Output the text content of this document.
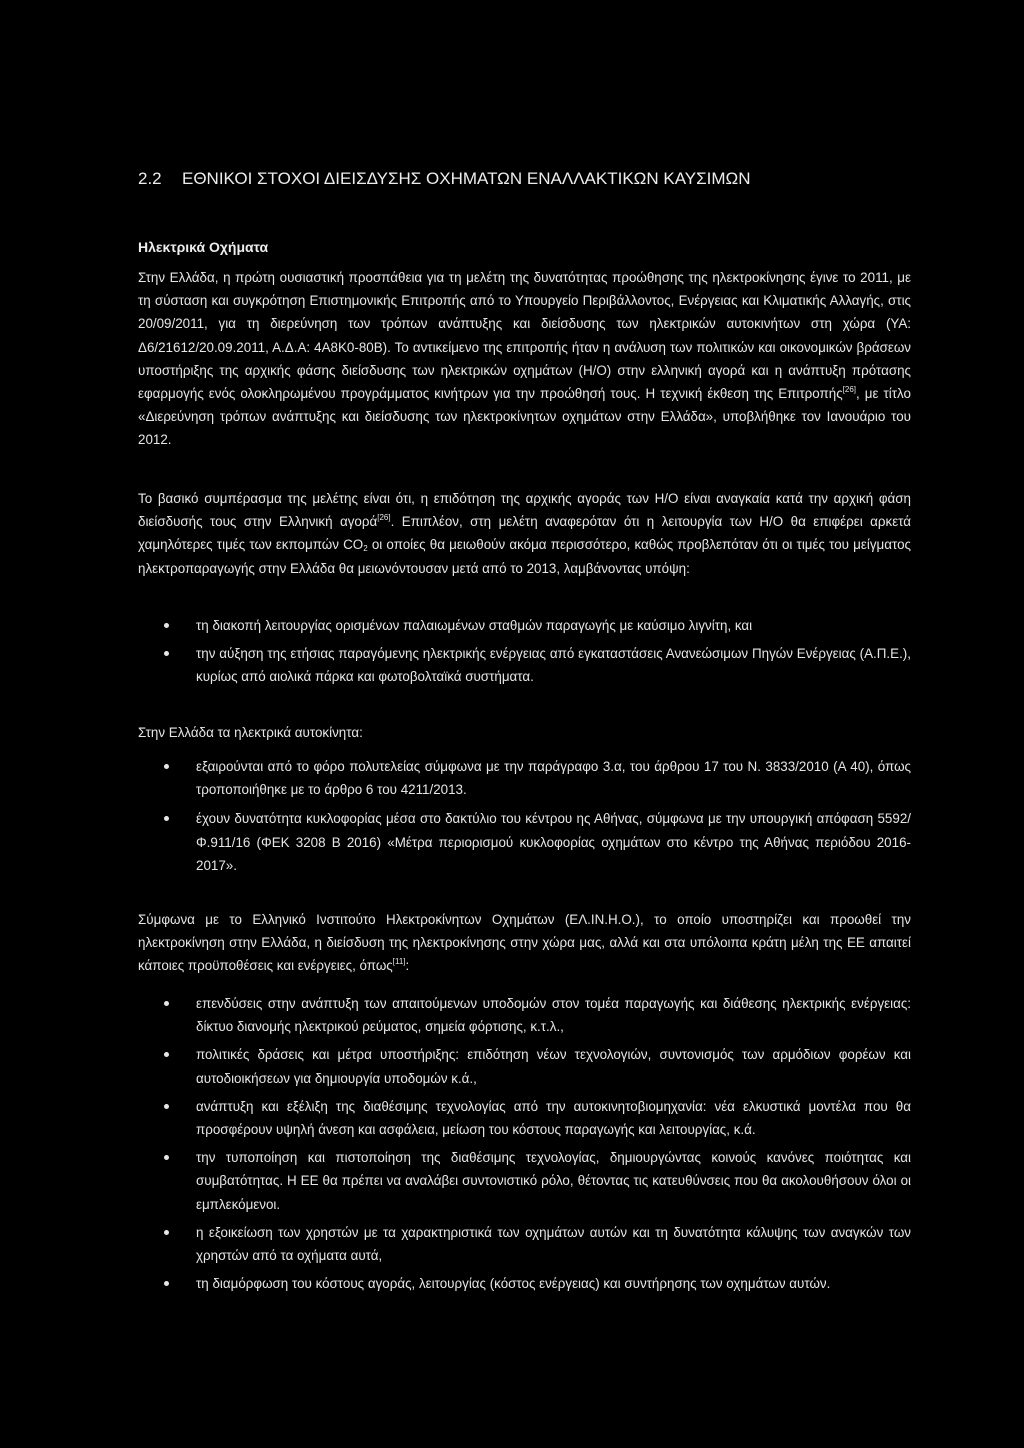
2.2	ΕΘΝΙΚΟΙ ΣΤΟΧΟΙ ΔΙΕΙΣΔΥΣΗΣ ΟΧΗΜΑΤΩΝ ΕΝΑΛΛΑΚΤΙΚΩΝ ΚΑΥΣΙΜΩΝ
Ηλεκτρικά Οχήματα
Στην Ελλάδα, η πρώτη ουσιαστική προσπάθεια για τη μελέτη της δυνατότητας προώθησης της ηλεκτροκίνησης έγινε το 2011, με τη σύσταση και συγκρότηση Επιστημονικής Επιτροπής από το Υπουργείο Περιβάλλοντος, Ενέργειας και Κλιματικής Αλλαγής, στις 20/09/2011, για τη διερεύνηση των τρόπων ανάπτυξης και διείσδυσης των ηλεκτρικών αυτοκινήτων στη χώρα (ΥΑ: Δ6/21612/20.09.2011, Α.Δ.Α: 4Α8Κ0-80Β). Το αντικείμενο της επιτροπής ήταν η ανάλυση των πολιτικών και οικονομικών βράσεων υποστήριξης της αρχικής φάσης διείσδυσης των ηλεκτρικών οχημάτων (Η/Ο) στην ελληνική αγορά και η ανάπτυξη πρότασης εφαρμογής ενός ολοκληρωμένου προγράμματος κινήτρων για την προώθησή τους. Η τεχνική έκθεση της Επιτροπής[26], με τίτλο «Διερεύνηση τρόπων ανάπτυξης και διείσδυσης των ηλεκτροκίνητων οχημάτων στην Ελλάδα», υποβλήθηκε τον Ιανουάριο του 2012.
Το βασικό συμπέρασμα της μελέτης είναι ότι, η επιδότηση της αρχικής αγοράς των Η/Ο είναι αναγκαία κατά την αρχική φάση διείσδυσής τους στην Ελληνική αγορά[26]. Επιπλέον, στη μελέτη αναφερόταν ότι η λειτουργία των Η/Ο θα επιφέρει αρκετά χαμηλότερες τιμές των εκπομπών $CO_2$ οι οποίες θα μειωθούν ακόμα περισσότερο, καθώς προβλεπόταν ότι οι τιμές του μείγματος ηλεκτροπαραγωγής στην Ελλάδα θα μειωνόντουσαν μετά από το 2013, λαμβάνοντας υπόψη:
τη διακοπή λειτουργίας ορισμένων παλαιωμένων σταθμών παραγωγής με καύσιμο λιγνίτη, και
την αύξηση της ετήσιας παραγόμενης ηλεκτρικής ενέργειας από εγκαταστάσεις Ανανεώσιμων Πηγών Ενέργειας (Α.Π.Ε.), κυρίως από αιολικά πάρκα και φωτοβολταϊκά συστήματα.
Στην Ελλάδα τα ηλεκτρικά αυτοκίνητα:
εξαιρούνται από το φόρο πολυτελείας σύμφωνα με την παράγραφο 3.α, του άρθρου 17 του Ν. 3833/2010 (Α 40), όπως τροποποιήθηκε με το άρθρο 6 του 4211/2013.
έχουν δυνατότητα κυκλοφορίας μέσα στο δακτύλιο του κέντρου ης Αθήνας, σύμφωνα με την υπουργική απόφαση 5592/Φ.911/16 (ΦΕΚ 3208 Β 2016) «Μέτρα περιορισμού κυκλοφορίας οχημάτων στο κέντρο της Αθήνας περιόδου 2016-2017».
Σύμφωνα με το Ελληνικό Ινστιτούτο Ηλεκτροκίνητων Οχημάτων (ΕΛ.ΙΝ.Η.Ο.), το οποίο υποστηρίζει και προωθεί την ηλεκτροκίνηση στην Ελλάδα, η διείσδυση της ηλεκτροκίνησης στην χώρα μας, αλλά και στα υπόλοιπα κράτη μέλη της ΕΕ απαιτεί κάποιες προϋποθέσεις και ενέργειες, όπως[11]:
επενδύσεις στην ανάπτυξη των απαιτούμενων υποδομών στον τομέα παραγωγής και διάθεσης ηλεκτρικής ενέργειας: δίκτυο διανομής ηλεκτρικού ρεύματος, σημεία φόρτισης, κ.τ.λ.,
πολιτικές δράσεις και μέτρα υποστήριξης: επιδότηση νέων τεχνολογιών, συντονισμός των αρμόδιων φορέων και αυτοδιοικήσεων για δημιουργία υποδομών κ.ά.,
ανάπτυξη και εξέλιξη της διαθέσιμης τεχνολογίας από την αυτοκινητοβιομηχανία: νέα ελκυστικά μοντέλα που θα προσφέρουν υψηλή άνεση και ασφάλεια, μείωση του κόστους παραγωγής και λειτουργίας, κ.ά.
την τυποποίηση και πιστοποίηση της διαθέσιμης τεχνολογίας, δημιουργώντας κοινούς κανόνες ποιότητας και συμβατότητας. Η ΕΕ θα πρέπει να αναλάβει συντονιστικό ρόλο, θέτοντας τις κατευθύνσεις που θα ακολουθήσουν όλοι οι εμπλεκόμενοι.
η εξοικείωση των χρηστών με τα χαρακτηριστικά των οχημάτων αυτών και τη δυνατότητα κάλυψης των αναγκών των χρηστών από τα οχήματα αυτά,
τη διαμόρφωση του κόστους αγοράς, λειτουργίας (κόστος ενέργειας) και συντήρησης των οχημάτων αυτών.
